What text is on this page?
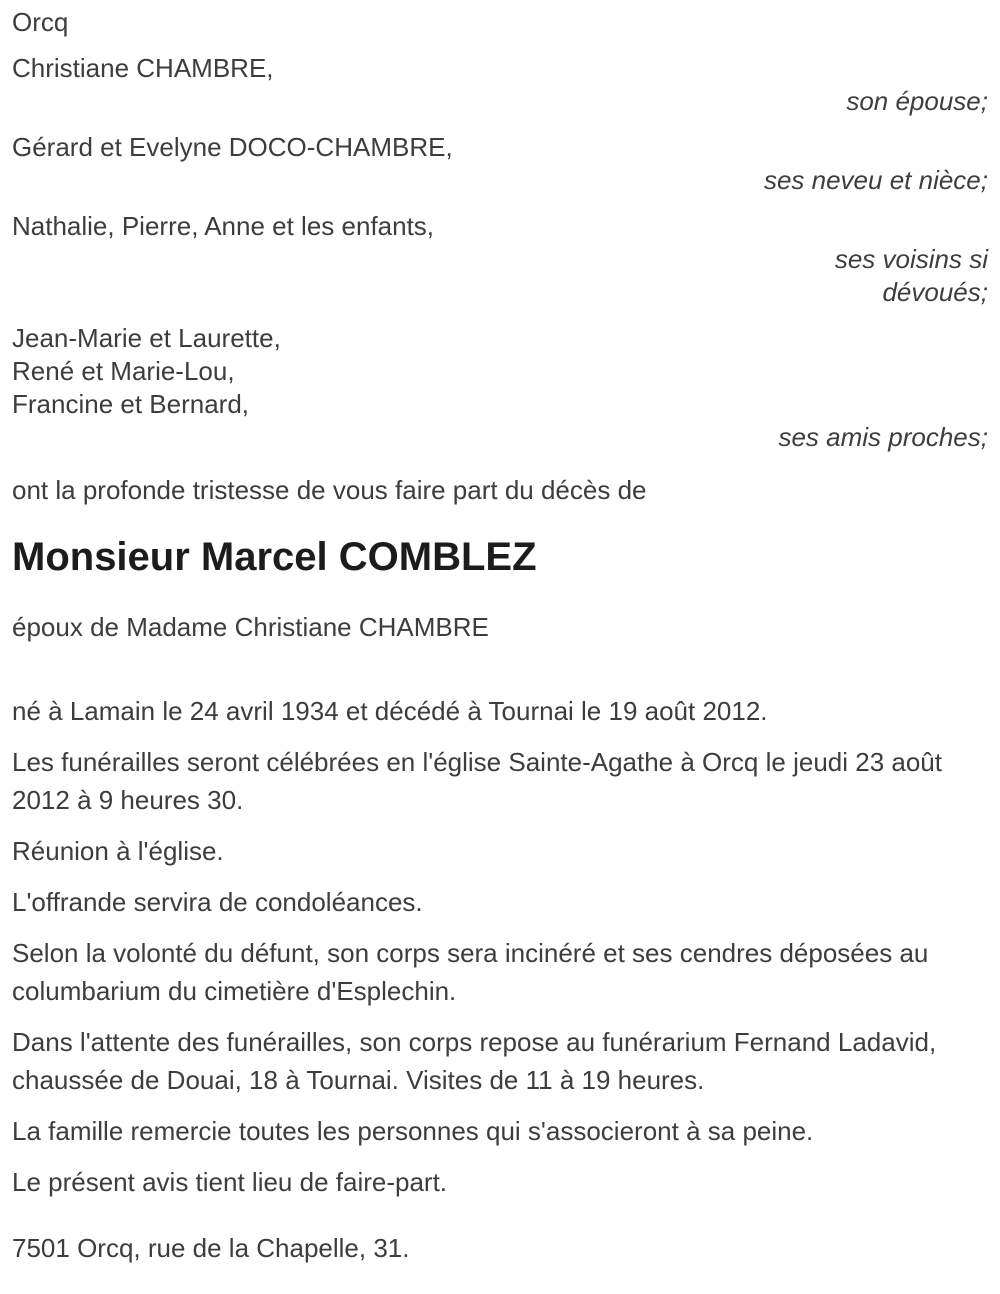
Orcq

Christiane CHAMBRE,

son épouse;

Gérard et Evelyne DOCO-CHAMBRE,

ses neveu et nièce;

Nathalie, Pierre, Anne et les enfants,

ses voisins si

dévoués;

Jean-Marie et Laurette,

René et Marie-Lou,

Francine et Bernard,

ses amis proches;

ont la profonde tristesse de vous faire part du décès de

Monsieur Marcel COMBLEZ

époux de Madame Christiane CHAMBRE

né à Lamain le 24 avril 1934 et décédé à Tournai le 19 août 2012.

Les funérailles seront célébrées en l'église Sainte-Agathe à Orcq le jeudi 23 août 2012 à 9 heures 30.

Réunion à l'église.

L'offrande servira de condoléances.

Selon la volonté du défunt, son corps sera incinéré et ses cendres déposées au columbarium du cimetière d'Esplechin.

Dans l'attente des funérailles, son corps repose au funérarium Fernand Ladavid, chaussée de Douai, 18 à Tournai. Visites de 11 à 19 heures.

La famille remercie toutes les personnes qui s'associeront à sa peine.

Le présent avis tient lieu de faire-part.

7501 Orcq, rue de la Chapelle, 31.
